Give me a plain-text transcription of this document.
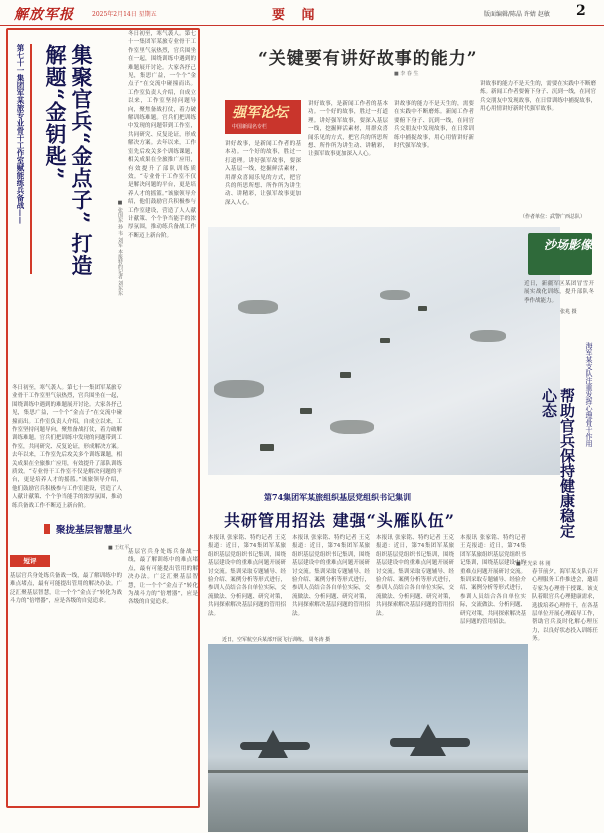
解放军报	2025年2月14日 星期五	要 闻	版面编辑/陈晶 许婧 赵敏 2
第七十一集团军某旅专业骨干工作室赋能练兵备战——	集聚官兵“金点子” 打造解题“金钥匙”
■ 张国东 孙 韦 刘军 本报特约记者 刘东东
冬日初至，寒气袭人。第七十一集团军某旅专业骨干工作室里气氛热烈，官兵围坐在一起，围绕训练中遇到的难题展开讨论。大家各抒己见，集思广益，一个个“金点子”在交流中碰撞而出。工作室负责人介绍，自成立以来，工作室坚持问题导向，聚焦备战打仗，着力破解训练难题。官兵们把训练中发现的问题带到工作室，共同研究、反复论证，形成解决方案。去年以来，工作室先后攻关多个训练课题，相关成果在全旅推广应用，有效提升了部队训练质效。“专业骨干工作室不仅是解决问题的平台，更是培养人才的摇篮。”该旅领导介绍，他们鼓励官兵积极参与工作室建设，营造了人人献计献策、个个争当能手的浓厚氛围，推动练兵备战工作不断迈上新台阶。
冬日初至，寒气袭人。第七十一集团军某旅专业骨干工作室里气氛热烈，官兵围坐在一起，围绕训练中遇到的难题展开讨论。大家各抒己见，集思广益，一个个“金点子”在交流中碰撞而出。工作室负责人介绍，自成立以来，工作室坚持问题导向，聚焦备战打仗，着力破解训练难题。官兵们把训练中发现的问题带到工作室，共同研究、反复论证，形成解决方案。去年以来，工作室先后攻关多个训练课题，相关成果在全旅推广应用，有效提升了部队训练质效。“专业骨干工作室不仅是解决问题的平台，更是培养人才的摇篮。”该旅领导介绍，他们鼓励官兵积极参与工作室建设，营造了人人献计献策、个个争当能手的浓厚氛围，推动练兵备战工作不断迈上新台阶。
聚拢基层智慧星火
■ 王红平
短评
基层官兵身处练兵备战一线，最了解训练中的难点堵点，最有可能提出管用的解决办法。广泛汇聚基层智慧，让一个个“金点子”转化为战斗力的“倍增器”，应是各级的自觉追求。
基层官兵身处练兵备战一线，最了解训练中的难点堵点，最有可能提出管用的解决办法。广泛汇聚基层智慧，让一个个“金点子”转化为战斗力的“倍增器”，应是各级的自觉追求。
“关键要有讲好故事的能力”
■ 李 春 生
强军论坛
中国新闻名专栏
讲好故事，是新闻工作者的基本功。一个好的故事，胜过一打道理。讲好强军故事，要深入基层一线，挖掘鲜活素材，用群众喜闻乐见的方式，把官兵的所思所想、所作所为讲生动、讲精彩，让强军故事更加深入人心。
讲好故事，是新闻工作者的基本功。一个好的故事，胜过一打道理。讲好强军故事，要深入基层一线，挖掘鲜活素材，用群众喜闻乐见的方式，把官兵的所思所想、所作所为讲生动、讲精彩，让强军故事更加深入人心。
讲故事的能力不是天生的，需要在实践中不断磨炼。新闻工作者要俯下身子、沉到一线，在同官兵交朋友中发现故事，在日常训练中捕捉故事，用心用情讲好新时代强军故事。
讲故事的能力不是天生的，需要在实践中不断磨炼。新闻工作者要俯下身子、沉到一线，在同官兵交朋友中发现故事，在日常训练中捕捉故事，用心用情讲好新时代强军故事。
（作者单位：武警广西总队）
沙场影像
近日，新疆军区某团冒雪开展实战化训练，提升部队冬季作战能力。
张兆 摄
海军某支队注重发挥心理骨干作用
帮助官兵保持健康稳定心态
■ 王光荣 林 刚
春节前夕，海军某支队召开心理服务工作推进会，邀请专家为心理骨干授课。该支队着眼官兵心理健康需求，选拔培养心理骨干，在各基层单位开展心理疏导工作，帮助官兵及时化解心理压力，以良好状态投入训练任务。
第74集团军某旅组织基层党组织书记集训
共研管用招法 建强“头雁队伍”
本报讯 张家铭、特约记者 王克报道：近日，第74集团军某旅组织基层党组织书记集训，围绕基层建设中的重难点问题开展研讨交流。集训采取专题辅导、经验介绍、案例分析等形式进行，参训人员结合各自单位实际，交流做法、分析问题、研究对策，共同探索解决基层问题的管用招法。
本报讯 张家铭、特约记者 王克报道：近日，第74集团军某旅组织基层党组织书记集训，围绕基层建设中的重难点问题开展研讨交流。集训采取专题辅导、经验介绍、案例分析等形式进行，参训人员结合各自单位实际，交流做法、分析问题、研究对策，共同探索解决基层问题的管用招法。
本报讯 张家铭、特约记者 王克报道：近日，第74集团军某旅组织基层党组织书记集训，围绕基层建设中的重难点问题开展研讨交流。集训采取专题辅导、经验介绍、案例分析等形式进行，参训人员结合各自单位实际，交流做法、分析问题、研究对策，共同探索解决基层问题的管用招法。
本报讯 张家铭、特约记者 王克报道：近日，第74集团军某旅组织基层党组织书记集训，围绕基层建设中的重难点问题开展研讨交流。集训采取专题辅导、经验介绍、案例分析等形式进行，参训人员结合各自单位实际，交流做法、分析问题、研究对策，共同探索解决基层问题的管用招法。
近日，空军航空兵某部开展飞行训练。 周冬涛 摄
